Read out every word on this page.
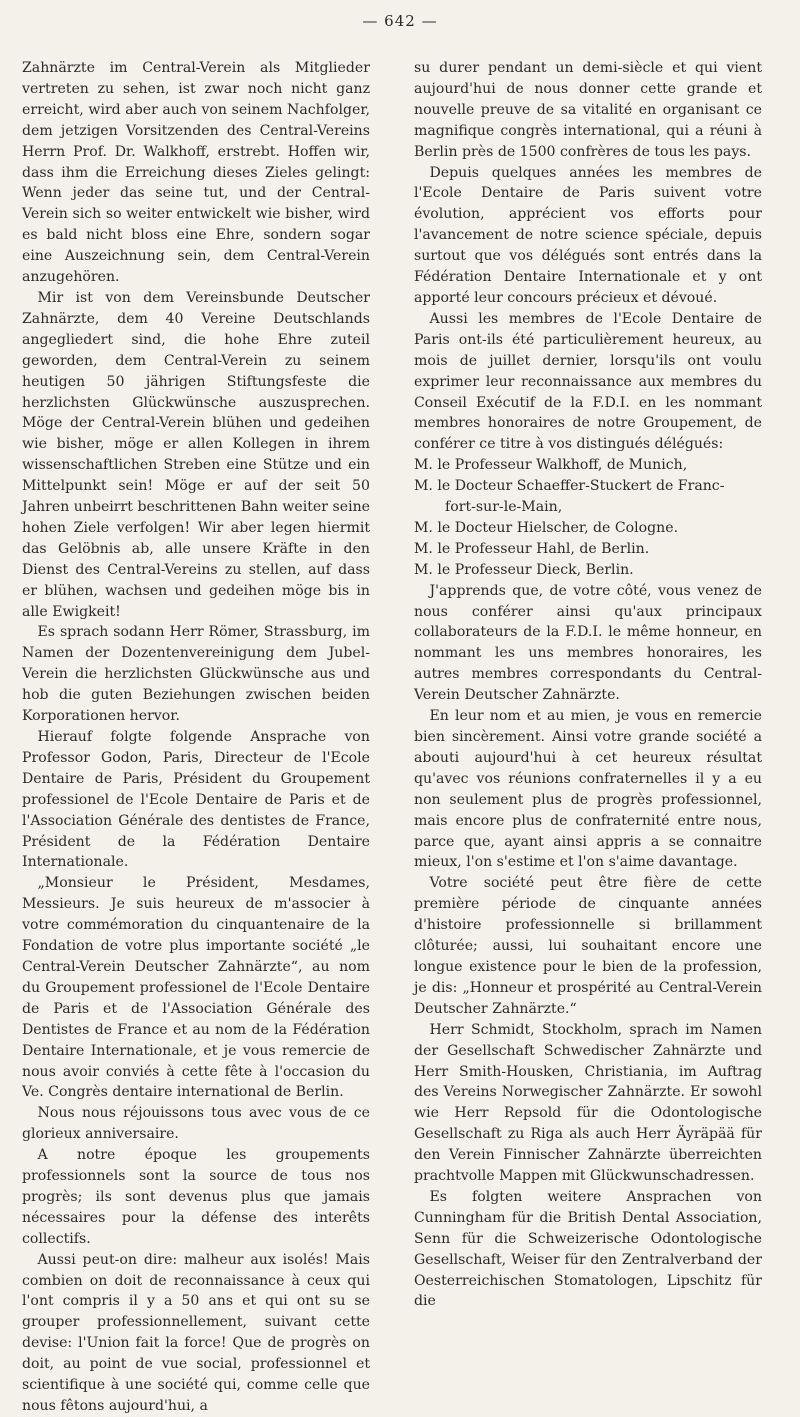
— 642 —

Zahnärzte im Central-Verein als Mitglieder vertreten zu sehen, ist zwar noch nicht ganz erreicht, wird aber auch von seinem Nachfolger, dem jetzigen Vorsitzenden des Central-Vereins Herrn Prof. Dr. Walkhoff, erstrebt. Hoffen wir, dass ihm die Erreichung dieses Zieles gelingt: Wenn jeder das seine tut, und der Central-Verein sich so weiter entwickelt wie bisher, wird es bald nicht bloss eine Ehre, sondern sogar eine Auszeichnung sein, dem Central-Verein anzugehören.

Mir ist von dem Vereinsbunde Deutscher Zahnärzte, dem 40 Vereine Deutschlands angegliedert sind, die hohe Ehre zuteil geworden, dem Central-Verein zu seinem heutigen 50 jährigen Stiftungsfeste die herzlichsten Glückwünsche auszusprechen. Möge der Central-Verein blühen und gedeihen wie bisher, möge er allen Kollegen in ihrem wissenschaftlichen Streben eine Stütze und ein Mittelpunkt sein! Möge er auf der seit 50 Jahren unbeirrt beschrittenen Bahn weiter seine hohen Ziele verfolgen! Wir aber legen hiermit das Gelöbnis ab, alle unsere Kräfte in den Dienst des Central-Vereins zu stellen, auf dass er blühen, wachsen und gedeihen möge bis in alle Ewigkeit!

Es sprach sodann Herr Römer, Strassburg, im Namen der Dozentenvereinigung dem Jubel-Verein die herzlichsten Glückwünsche aus und hob die guten Beziehungen zwischen beiden Korporationen hervor.

Hierauf folgte folgende Ansprache von Professor Godon, Paris, Directeur de l'Ecole Dentaire de Paris, Président du Groupement professionel de l'Ecole Dentaire de Paris et de l'Association Générale des dentistes de France, Président de la Fédération Dentaire Internationale.

„Monsieur le Président, Mesdames, Messieurs. Je suis heureux de m'associer à votre commémoration du cinquantenaire de la Fondation de votre plus importante société „le Central-Verein Deutscher Zahnärzte“, au nom du Groupement professionel de l'Ecole Dentaire de Paris et de l'Association Générale des Dentistes de France et au nom de la Fédération Dentaire Internationale, et je vous remercie de nous avoir conviés à cette fête à l'occasion du Ve. Congrès dentaire international de Berlin.

Nous nous réjouissons tous avec vous de ce glorieux anniversaire.

A notre époque les groupements professionnels sont la source de tous nos progrès; ils sont devenus plus que jamais nécessaires pour la défense des interêts collectifs.

Aussi peut-on dire: malheur aux isolés! Mais combien on doit de reconnaissance à ceux qui l'ont compris il y a 50 ans et qui ont su se grouper professionnellement, suivant cette devise: l'Union fait la force! Que de progrès on doit, au point de vue social, professionnel et scientifique à une société qui, comme celle que nous fêtons aujourd'hui, a

su durer pendant un demi-siècle et qui vient aujourd'hui de nous donner cette grande et nouvelle preuve de sa vitalité en organisant ce magnifique congrès international, qui a réuni à Berlin près de 1500 confrères de tous les pays.

Depuis quelques années les membres de l'Ecole Dentaire de Paris suivent votre évolution, apprécient vos efforts pour l'avancement de notre science spéciale, depuis surtout que vos délégués sont entrés dans la Fédération Dentaire Internationale et y ont apporté leur concours précieux et dévoué.

Aussi les membres de l'Ecole Dentaire de Paris ont-ils été particulièrement heureux, au mois de juillet dernier, lorsqu'ils ont voulu exprimer leur reconnaissance aux membres du Conseil Exécutif de la F.D.I. en les nommant membres honoraires de notre Groupement, de conférer ce titre à vos distingués délégués:

M. le Professeur Walkhoff, de Munich,

M. le Docteur Schaeffer-Stuckert de Franc-

fort-sur-le-Main,

M. le Docteur Hielscher, de Cologne.

M. le Professeur Hahl, de Berlin.

M. le Professeur Dieck, Berlin.

J'apprends que, de votre côté, vous venez de nous conférer ainsi qu'aux principaux collaborateurs de la F.D.I. le même honneur, en nommant les uns membres honoraires, les autres membres correspondants du Central-Verein Deutscher Zahnärzte.

En leur nom et au mien, je vous en remercie bien sincèrement. Ainsi votre grande société a abouti aujourd'hui à cet heureux résultat qu'avec vos réunions confraternelles il y a eu non seulement plus de progrès professionnel, mais encore plus de confraternité entre nous, parce que, ayant ainsi appris a se connaitre mieux, l'on s'estime et l'on s'aime davantage.

Votre société peut être fière de cette première période de cinquante années d'histoire professionnelle si brillamment clôturée; aussi, lui souhaitant encore une longue existence pour le bien de la profession, je dis: „Honneur et prospérité au Central-Verein Deutscher Zahnärzte.“

Herr Schmidt, Stockholm, sprach im Namen der Gesellschaft Schwedischer Zahnärzte und Herr Smith-Housken, Christiania, im Auftrag des Vereins Norwegischer Zahnärzte. Er sowohl wie Herr Repsold für die Odontologische Gesellschaft zu Riga als auch Herr Äyräpää für den Verein Finnischer Zahnärzte überreichten prachtvolle Mappen mit Glückwunschadressen.

Es folgten weitere Ansprachen von Cunningham für die British Dental Association, Senn für die Schweizerische Odontologische Gesellschaft, Weiser für den Zentralverband der Oesterreichischen Stomatologen, Lipschitz für die
